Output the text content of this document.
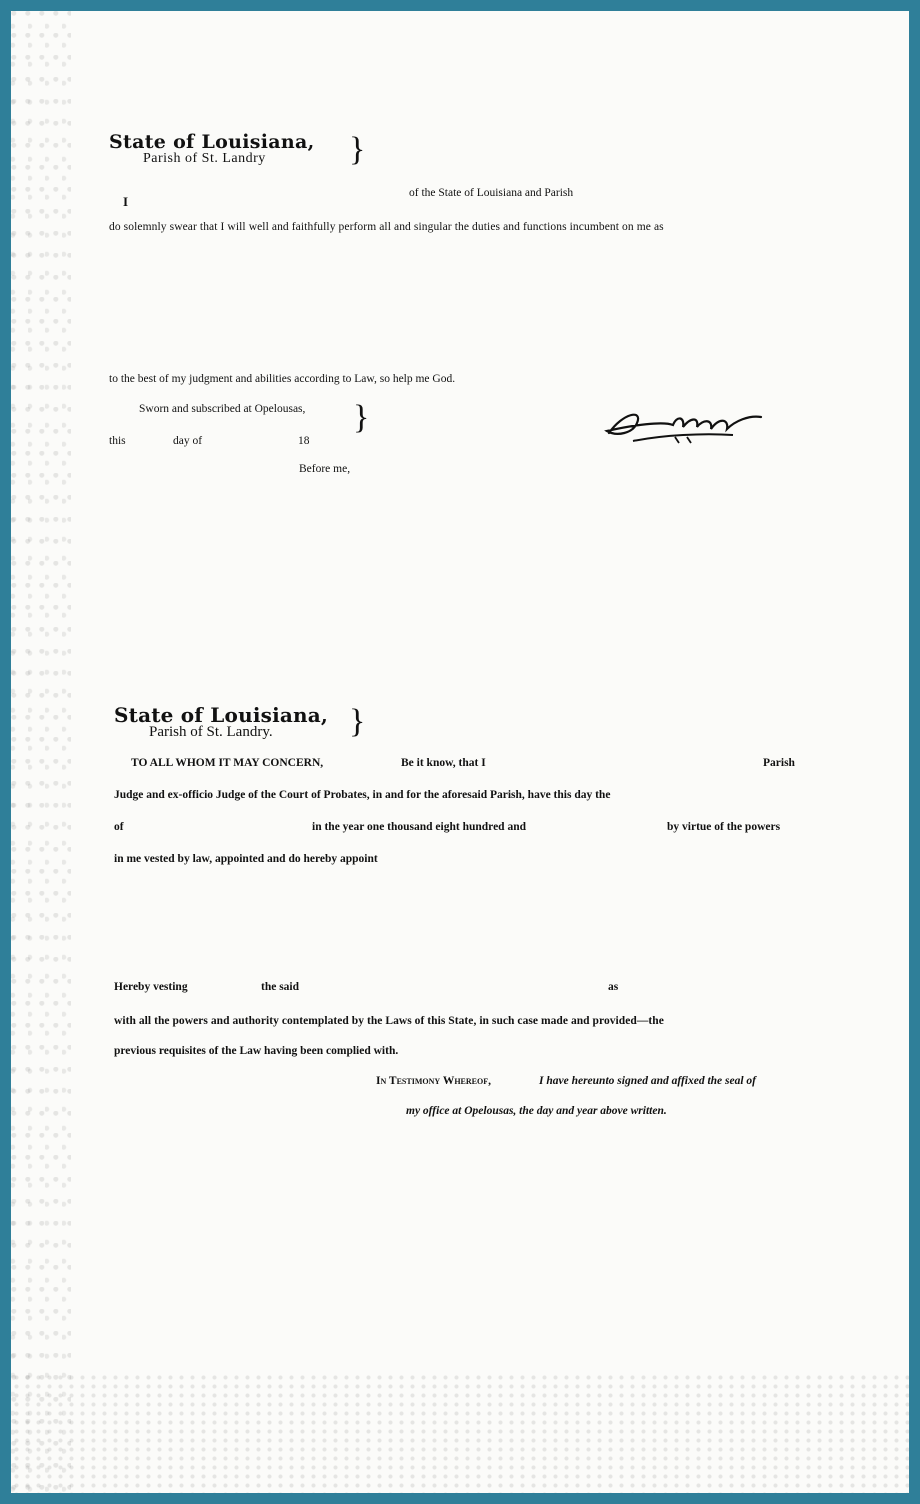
State of Louisiana, }
Parish of St. Landry
I
of the State of Louisiana and Parish
do solemnly swear that I will well and faithfully perform all and singular the duties and functions incumbent on me as
to the best of my judgment and abilities according to Law, so help me God.
Sworn and subscribed at Opelousas, }
this	day of	18
Before me,
State of Louisiana, }
Parish of St. Landry.
TO ALL WHOM IT MAY CONCERN,	Be it know, that I	Parish
Judge and ex-officio Judge of the Court of Probates, in and for the aforesaid Parish, have this day the
of	in the year one thousand eight hundred and	by virtue of the powers
in me vested by law, appointed and do hereby appoint
Hereby vesting	the said	as
with all the powers and authority contemplated by the Laws of this State, in such case made and provided—the
previous requisites of the Law having been complied with.
In Testimony Whereof,	I have hereunto signed and affixed the seal of
my office at Opelousas, the day and year above written.
